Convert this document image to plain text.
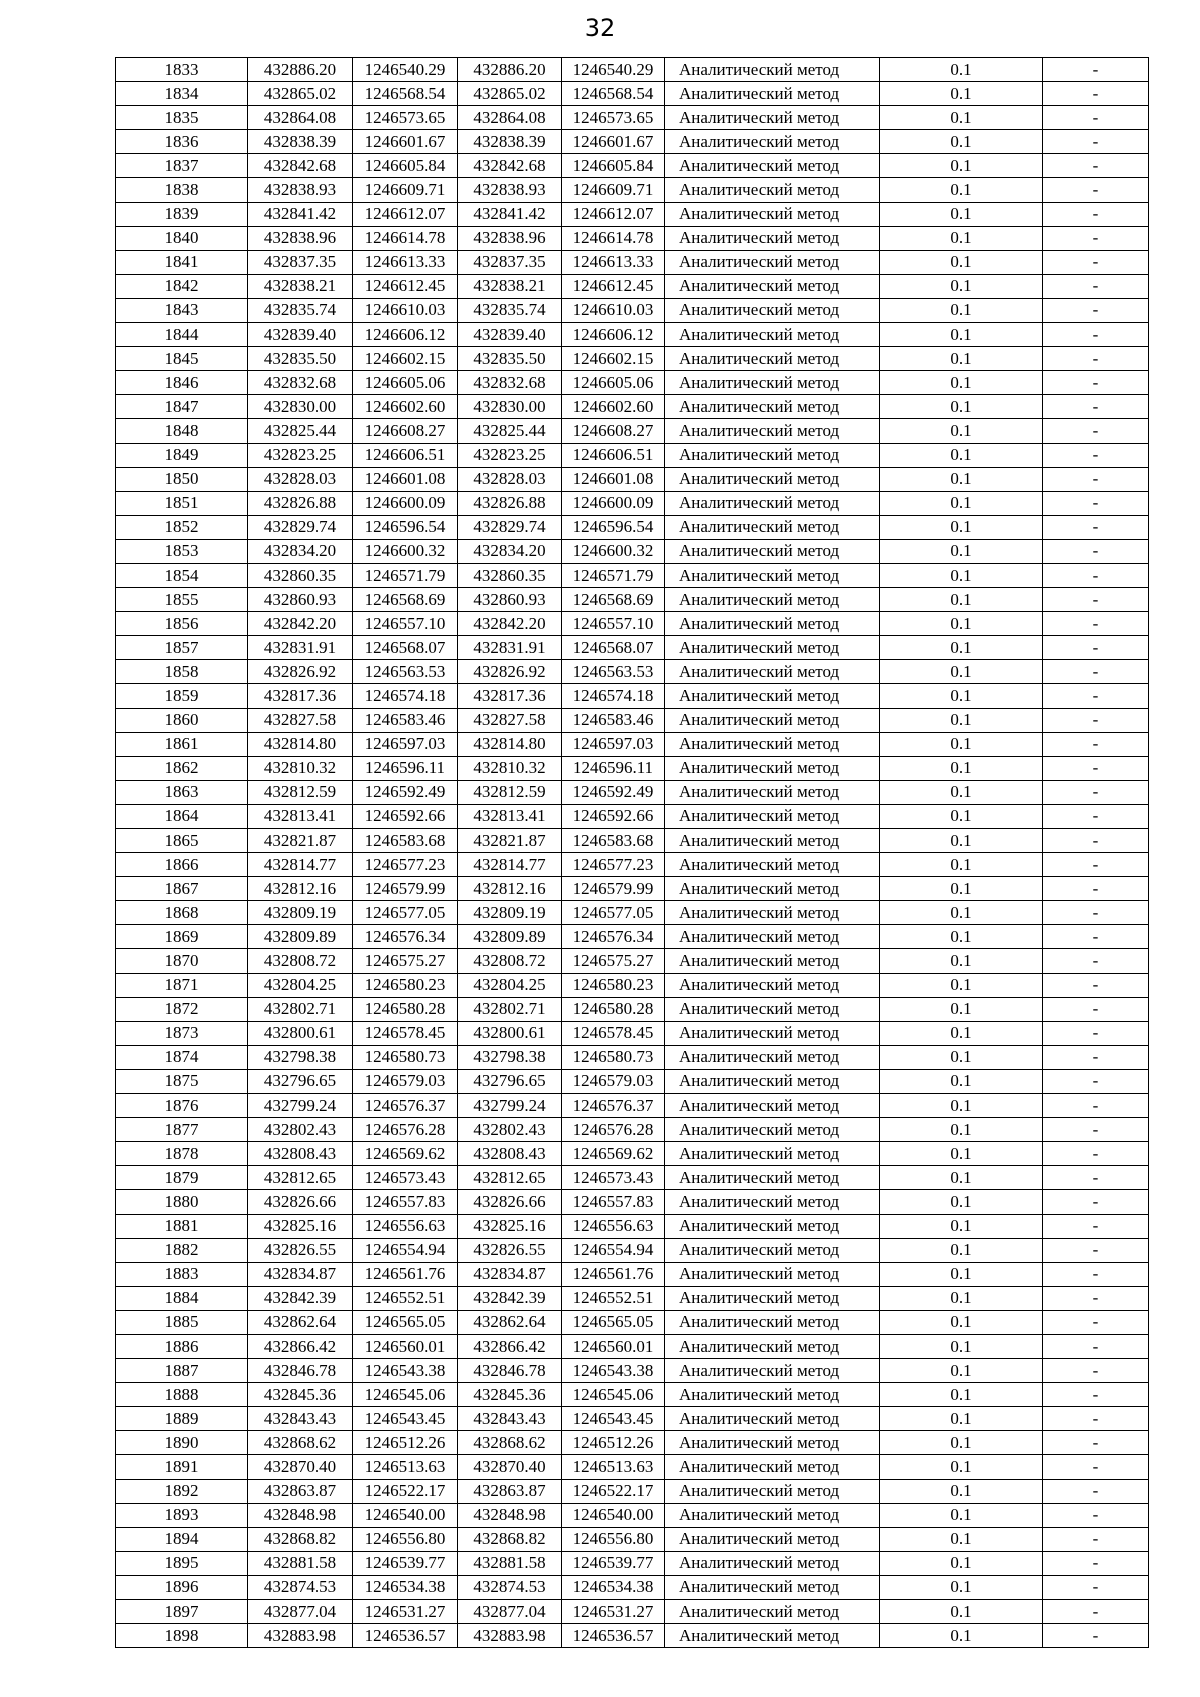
32
1833	432886.20	1246540.29	432886.20	1246540.29	Аналитический метод	0.1	-
1834	432865.02	1246568.54	432865.02	1246568.54	Аналитический метод	0.1	-
1835	432864.08	1246573.65	432864.08	1246573.65	Аналитический метод	0.1	-
1836	432838.39	1246601.67	432838.39	1246601.67	Аналитический метод	0.1	-
1837	432842.68	1246605.84	432842.68	1246605.84	Аналитический метод	0.1	-
1838	432838.93	1246609.71	432838.93	1246609.71	Аналитический метод	0.1	-
1839	432841.42	1246612.07	432841.42	1246612.07	Аналитический метод	0.1	-
1840	432838.96	1246614.78	432838.96	1246614.78	Аналитический метод	0.1	-
1841	432837.35	1246613.33	432837.35	1246613.33	Аналитический метод	0.1	-
1842	432838.21	1246612.45	432838.21	1246612.45	Аналитический метод	0.1	-
1843	432835.74	1246610.03	432835.74	1246610.03	Аналитический метод	0.1	-
1844	432839.40	1246606.12	432839.40	1246606.12	Аналитический метод	0.1	-
1845	432835.50	1246602.15	432835.50	1246602.15	Аналитический метод	0.1	-
1846	432832.68	1246605.06	432832.68	1246605.06	Аналитический метод	0.1	-
1847	432830.00	1246602.60	432830.00	1246602.60	Аналитический метод	0.1	-
1848	432825.44	1246608.27	432825.44	1246608.27	Аналитический метод	0.1	-
1849	432823.25	1246606.51	432823.25	1246606.51	Аналитический метод	0.1	-
1850	432828.03	1246601.08	432828.03	1246601.08	Аналитический метод	0.1	-
1851	432826.88	1246600.09	432826.88	1246600.09	Аналитический метод	0.1	-
1852	432829.74	1246596.54	432829.74	1246596.54	Аналитический метод	0.1	-
1853	432834.20	1246600.32	432834.20	1246600.32	Аналитический метод	0.1	-
1854	432860.35	1246571.79	432860.35	1246571.79	Аналитический метод	0.1	-
1855	432860.93	1246568.69	432860.93	1246568.69	Аналитический метод	0.1	-
1856	432842.20	1246557.10	432842.20	1246557.10	Аналитический метод	0.1	-
1857	432831.91	1246568.07	432831.91	1246568.07	Аналитический метод	0.1	-
1858	432826.92	1246563.53	432826.92	1246563.53	Аналитический метод	0.1	-
1859	432817.36	1246574.18	432817.36	1246574.18	Аналитический метод	0.1	-
1860	432827.58	1246583.46	432827.58	1246583.46	Аналитический метод	0.1	-
1861	432814.80	1246597.03	432814.80	1246597.03	Аналитический метод	0.1	-
1862	432810.32	1246596.11	432810.32	1246596.11	Аналитический метод	0.1	-
1863	432812.59	1246592.49	432812.59	1246592.49	Аналитический метод	0.1	-
1864	432813.41	1246592.66	432813.41	1246592.66	Аналитический метод	0.1	-
1865	432821.87	1246583.68	432821.87	1246583.68	Аналитический метод	0.1	-
1866	432814.77	1246577.23	432814.77	1246577.23	Аналитический метод	0.1	-
1867	432812.16	1246579.99	432812.16	1246579.99	Аналитический метод	0.1	-
1868	432809.19	1246577.05	432809.19	1246577.05	Аналитический метод	0.1	-
1869	432809.89	1246576.34	432809.89	1246576.34	Аналитический метод	0.1	-
1870	432808.72	1246575.27	432808.72	1246575.27	Аналитический метод	0.1	-
1871	432804.25	1246580.23	432804.25	1246580.23	Аналитический метод	0.1	-
1872	432802.71	1246580.28	432802.71	1246580.28	Аналитический метод	0.1	-
1873	432800.61	1246578.45	432800.61	1246578.45	Аналитический метод	0.1	-
1874	432798.38	1246580.73	432798.38	1246580.73	Аналитический метод	0.1	-
1875	432796.65	1246579.03	432796.65	1246579.03	Аналитический метод	0.1	-
1876	432799.24	1246576.37	432799.24	1246576.37	Аналитический метод	0.1	-
1877	432802.43	1246576.28	432802.43	1246576.28	Аналитический метод	0.1	-
1878	432808.43	1246569.62	432808.43	1246569.62	Аналитический метод	0.1	-
1879	432812.65	1246573.43	432812.65	1246573.43	Аналитический метод	0.1	-
1880	432826.66	1246557.83	432826.66	1246557.83	Аналитический метод	0.1	-
1881	432825.16	1246556.63	432825.16	1246556.63	Аналитический метод	0.1	-
1882	432826.55	1246554.94	432826.55	1246554.94	Аналитический метод	0.1	-
1883	432834.87	1246561.76	432834.87	1246561.76	Аналитический метод	0.1	-
1884	432842.39	1246552.51	432842.39	1246552.51	Аналитический метод	0.1	-
1885	432862.64	1246565.05	432862.64	1246565.05	Аналитический метод	0.1	-
1886	432866.42	1246560.01	432866.42	1246560.01	Аналитический метод	0.1	-
1887	432846.78	1246543.38	432846.78	1246543.38	Аналитический метод	0.1	-
1888	432845.36	1246545.06	432845.36	1246545.06	Аналитический метод	0.1	-
1889	432843.43	1246543.45	432843.43	1246543.45	Аналитический метод	0.1	-
1890	432868.62	1246512.26	432868.62	1246512.26	Аналитический метод	0.1	-
1891	432870.40	1246513.63	432870.40	1246513.63	Аналитический метод	0.1	-
1892	432863.87	1246522.17	432863.87	1246522.17	Аналитический метод	0.1	-
1893	432848.98	1246540.00	432848.98	1246540.00	Аналитический метод	0.1	-
1894	432868.82	1246556.80	432868.82	1246556.80	Аналитический метод	0.1	-
1895	432881.58	1246539.77	432881.58	1246539.77	Аналитический метод	0.1	-
1896	432874.53	1246534.38	432874.53	1246534.38	Аналитический метод	0.1	-
1897	432877.04	1246531.27	432877.04	1246531.27	Аналитический метод	0.1	-
1898	432883.98	1246536.57	432883.98	1246536.57	Аналитический метод	0.1	-
